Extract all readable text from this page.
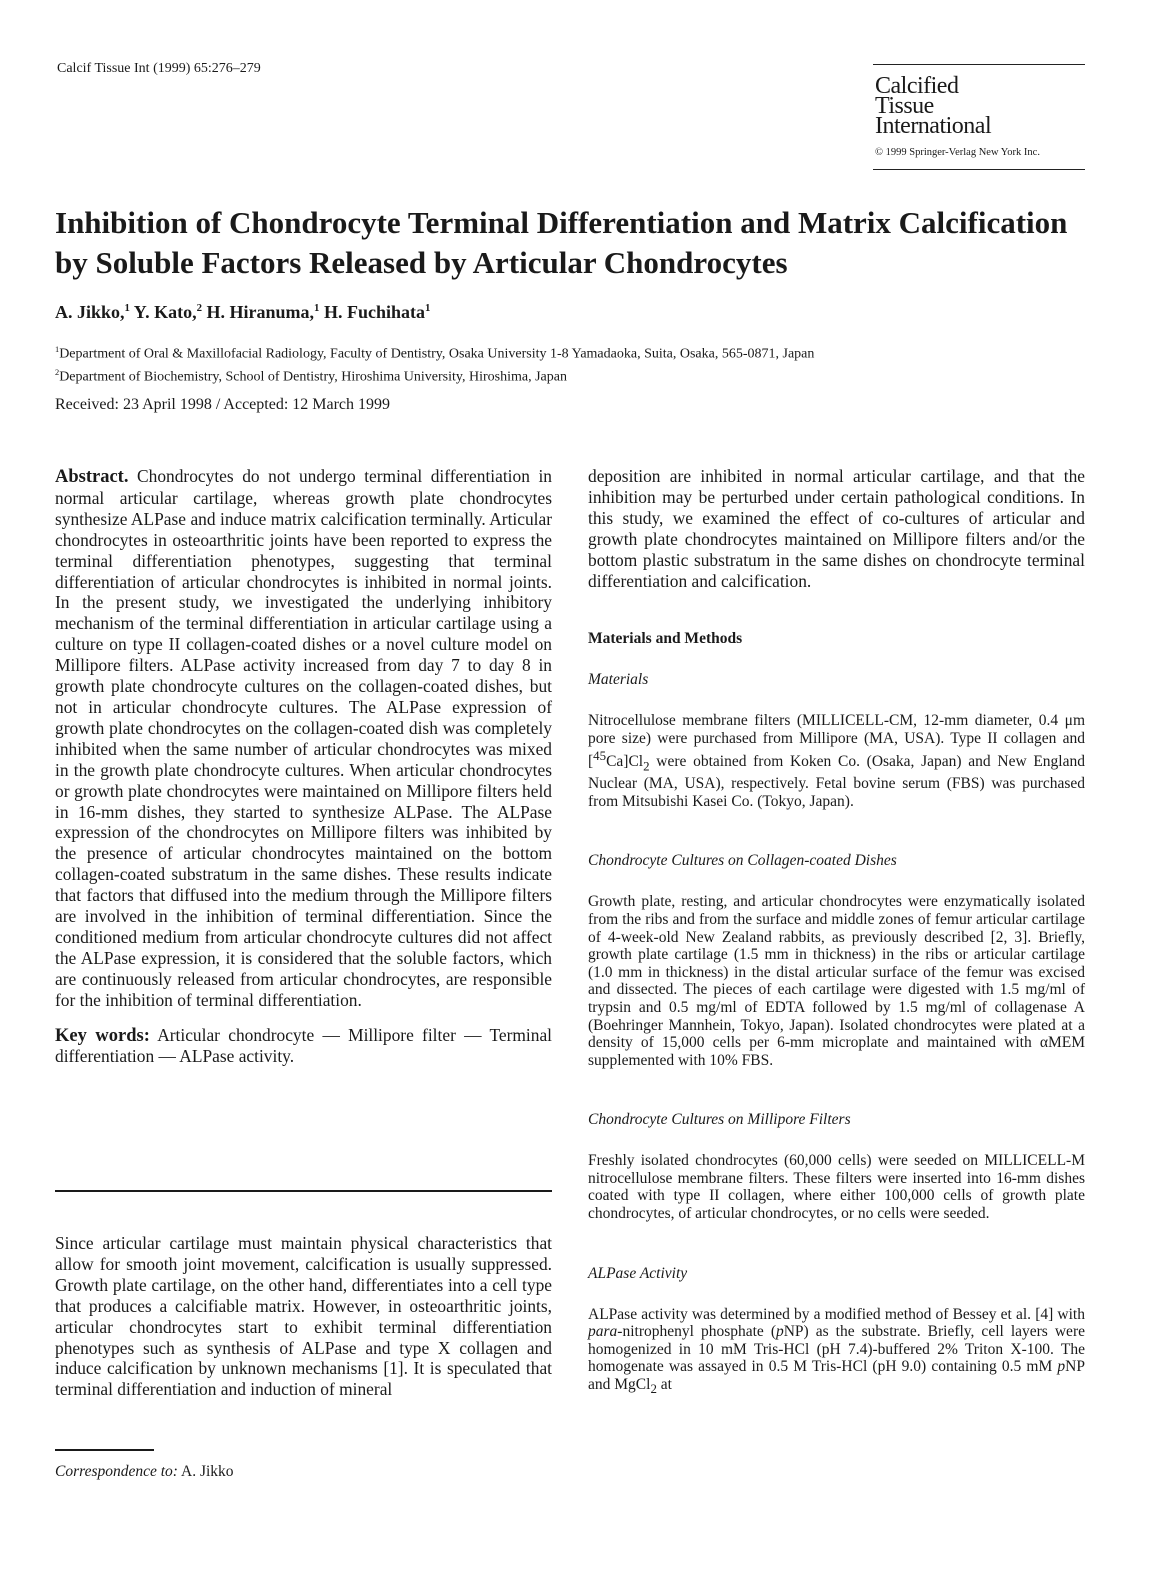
Calcif Tissue Int (1999) 65:276–279
Calcified
Tissue
International
© 1999 Springer-Verlag New York Inc.
Inhibition of Chondrocyte Terminal Differentiation and Matrix Calcification by Soluble Factors Released by Articular Chondrocytes
A. Jikko,$^1$ Y. Kato,$^2$ H. Hiranuma,$^1$ H. Fuchihata$^1$
$^1$Department of Oral & Maxillofacial Radiology, Faculty of Dentistry, Osaka University 1-8 Yamadaoka, Suita, Osaka, 565-0871, Japan
$^2$Department of Biochemistry, School of Dentistry, Hiroshima University, Hiroshima, Japan
Received: 23 April 1998 / Accepted: 12 March 1999

Abstract. Chondrocytes do not undergo terminal differentiation in normal articular cartilage, whereas growth plate chondrocytes synthesize ALPase and induce matrix calcification terminally. Articular chondrocytes in osteoarthritic joints have been reported to express the terminal differentiation phenotypes, suggesting that terminal differentiation of articular chondrocytes is inhibited in normal joints. In the present study, we investigated the underlying inhibitory mechanism of the terminal differentiation in articular cartilage using a culture on type II collagen-coated dishes or a novel culture model on Millipore filters. ALPase activity increased from day 7 to day 8 in growth plate chondrocyte cultures on the collagen-coated dishes, but not in articular chondrocyte cultures. The ALPase expression of growth plate chondrocytes on the collagen-coated dish was completely inhibited when the same number of articular chondrocytes was mixed in the growth plate chondrocyte cultures. When articular chondrocytes or growth plate chondrocytes were maintained on Millipore filters held in 16-mm dishes, they started to synthesize ALPase. The ALPase expression of the chondrocytes on Millipore filters was inhibited by the presence of articular chondrocytes maintained on the bottom collagen-coated substratum in the same dishes. These results indicate that factors that diffused into the medium through the Millipore filters are involved in the inhibition of terminal differentiation. Since the conditioned medium from articular chondrocyte cultures did not affect the ALPase expression, it is considered that the soluble factors, which are continuously released from articular chondrocytes, are responsible for the inhibition of terminal differentiation.

Key words: Articular chondrocyte — Millipore filter — Terminal differentiation — ALPase activity.

Since articular cartilage must maintain physical characteristics that allow for smooth joint movement, calcification is usually suppressed. Growth plate cartilage, on the other hand, differentiates into a cell type that produces a calcifiable matrix. However, in osteoarthritic joints, articular chondrocytes start to exhibit terminal differentiation phenotypes such as synthesis of ALPase and type X collagen and induce calcification by unknown mechanisms [1]. It is speculated that terminal differentiation and induction of mineral

Correspondence to: A. Jikko

deposition are inhibited in normal articular cartilage, and that the inhibition may be perturbed under certain pathological conditions. In this study, we examined the effect of co-cultures of articular and growth plate chondrocytes maintained on Millipore filters and/or the bottom plastic substratum in the same dishes on chondrocyte terminal differentiation and calcification.

Materials and Methods

Materials

Nitrocellulose membrane filters (MILLICELL-CM, 12-mm diameter, 0.4 μm pore size) were purchased from Millipore (MA, USA). Type II collagen and $[^{45}Ca]Cl_2$ were obtained from Koken Co. (Osaka, Japan) and New England Nuclear (MA, USA), respectively. Fetal bovine serum (FBS) was purchased from Mitsubishi Kasei Co. (Tokyo, Japan).

Chondrocyte Cultures on Collagen-coated Dishes

Growth plate, resting, and articular chondrocytes were enzymatically isolated from the ribs and from the surface and middle zones of femur articular cartilage of 4-week-old New Zealand rabbits, as previously described [2, 3]. Briefly, growth plate cartilage (1.5 mm in thickness) in the ribs or articular cartilage (1.0 mm in thickness) in the distal articular surface of the femur was excised and dissected. The pieces of each cartilage were digested with 1.5 mg/ml of trypsin and 0.5 mg/ml of EDTA followed by 1.5 mg/ml of collagenase A (Boehringer Mannhein, Tokyo, Japan). Isolated chondrocytes were plated at a density of 15,000 cells per 6-mm microplate and maintained with αMEM supplemented with 10% FBS.

Chondrocyte Cultures on Millipore Filters

Freshly isolated chondrocytes (60,000 cells) were seeded on MILLICELL-M nitrocellulose membrane filters. These filters were inserted into 16-mm dishes coated with type II collagen, where either 100,000 cells of growth plate chondrocytes, of articular chondrocytes, or no cells were seeded.

ALPase Activity

ALPase activity was determined by a modified method of Bessey et al. [4] with para-nitrophenyl phosphate (pNP) as the substrate. Briefly, cell layers were homogenized in 10 mM Tris-HCl (pH 7.4)-buffered 2% Triton X-100. The homogenate was assayed in 0.5 M Tris-HCl (pH 9.0) containing 0.5 mM pNP and MgCl$_2$ at
